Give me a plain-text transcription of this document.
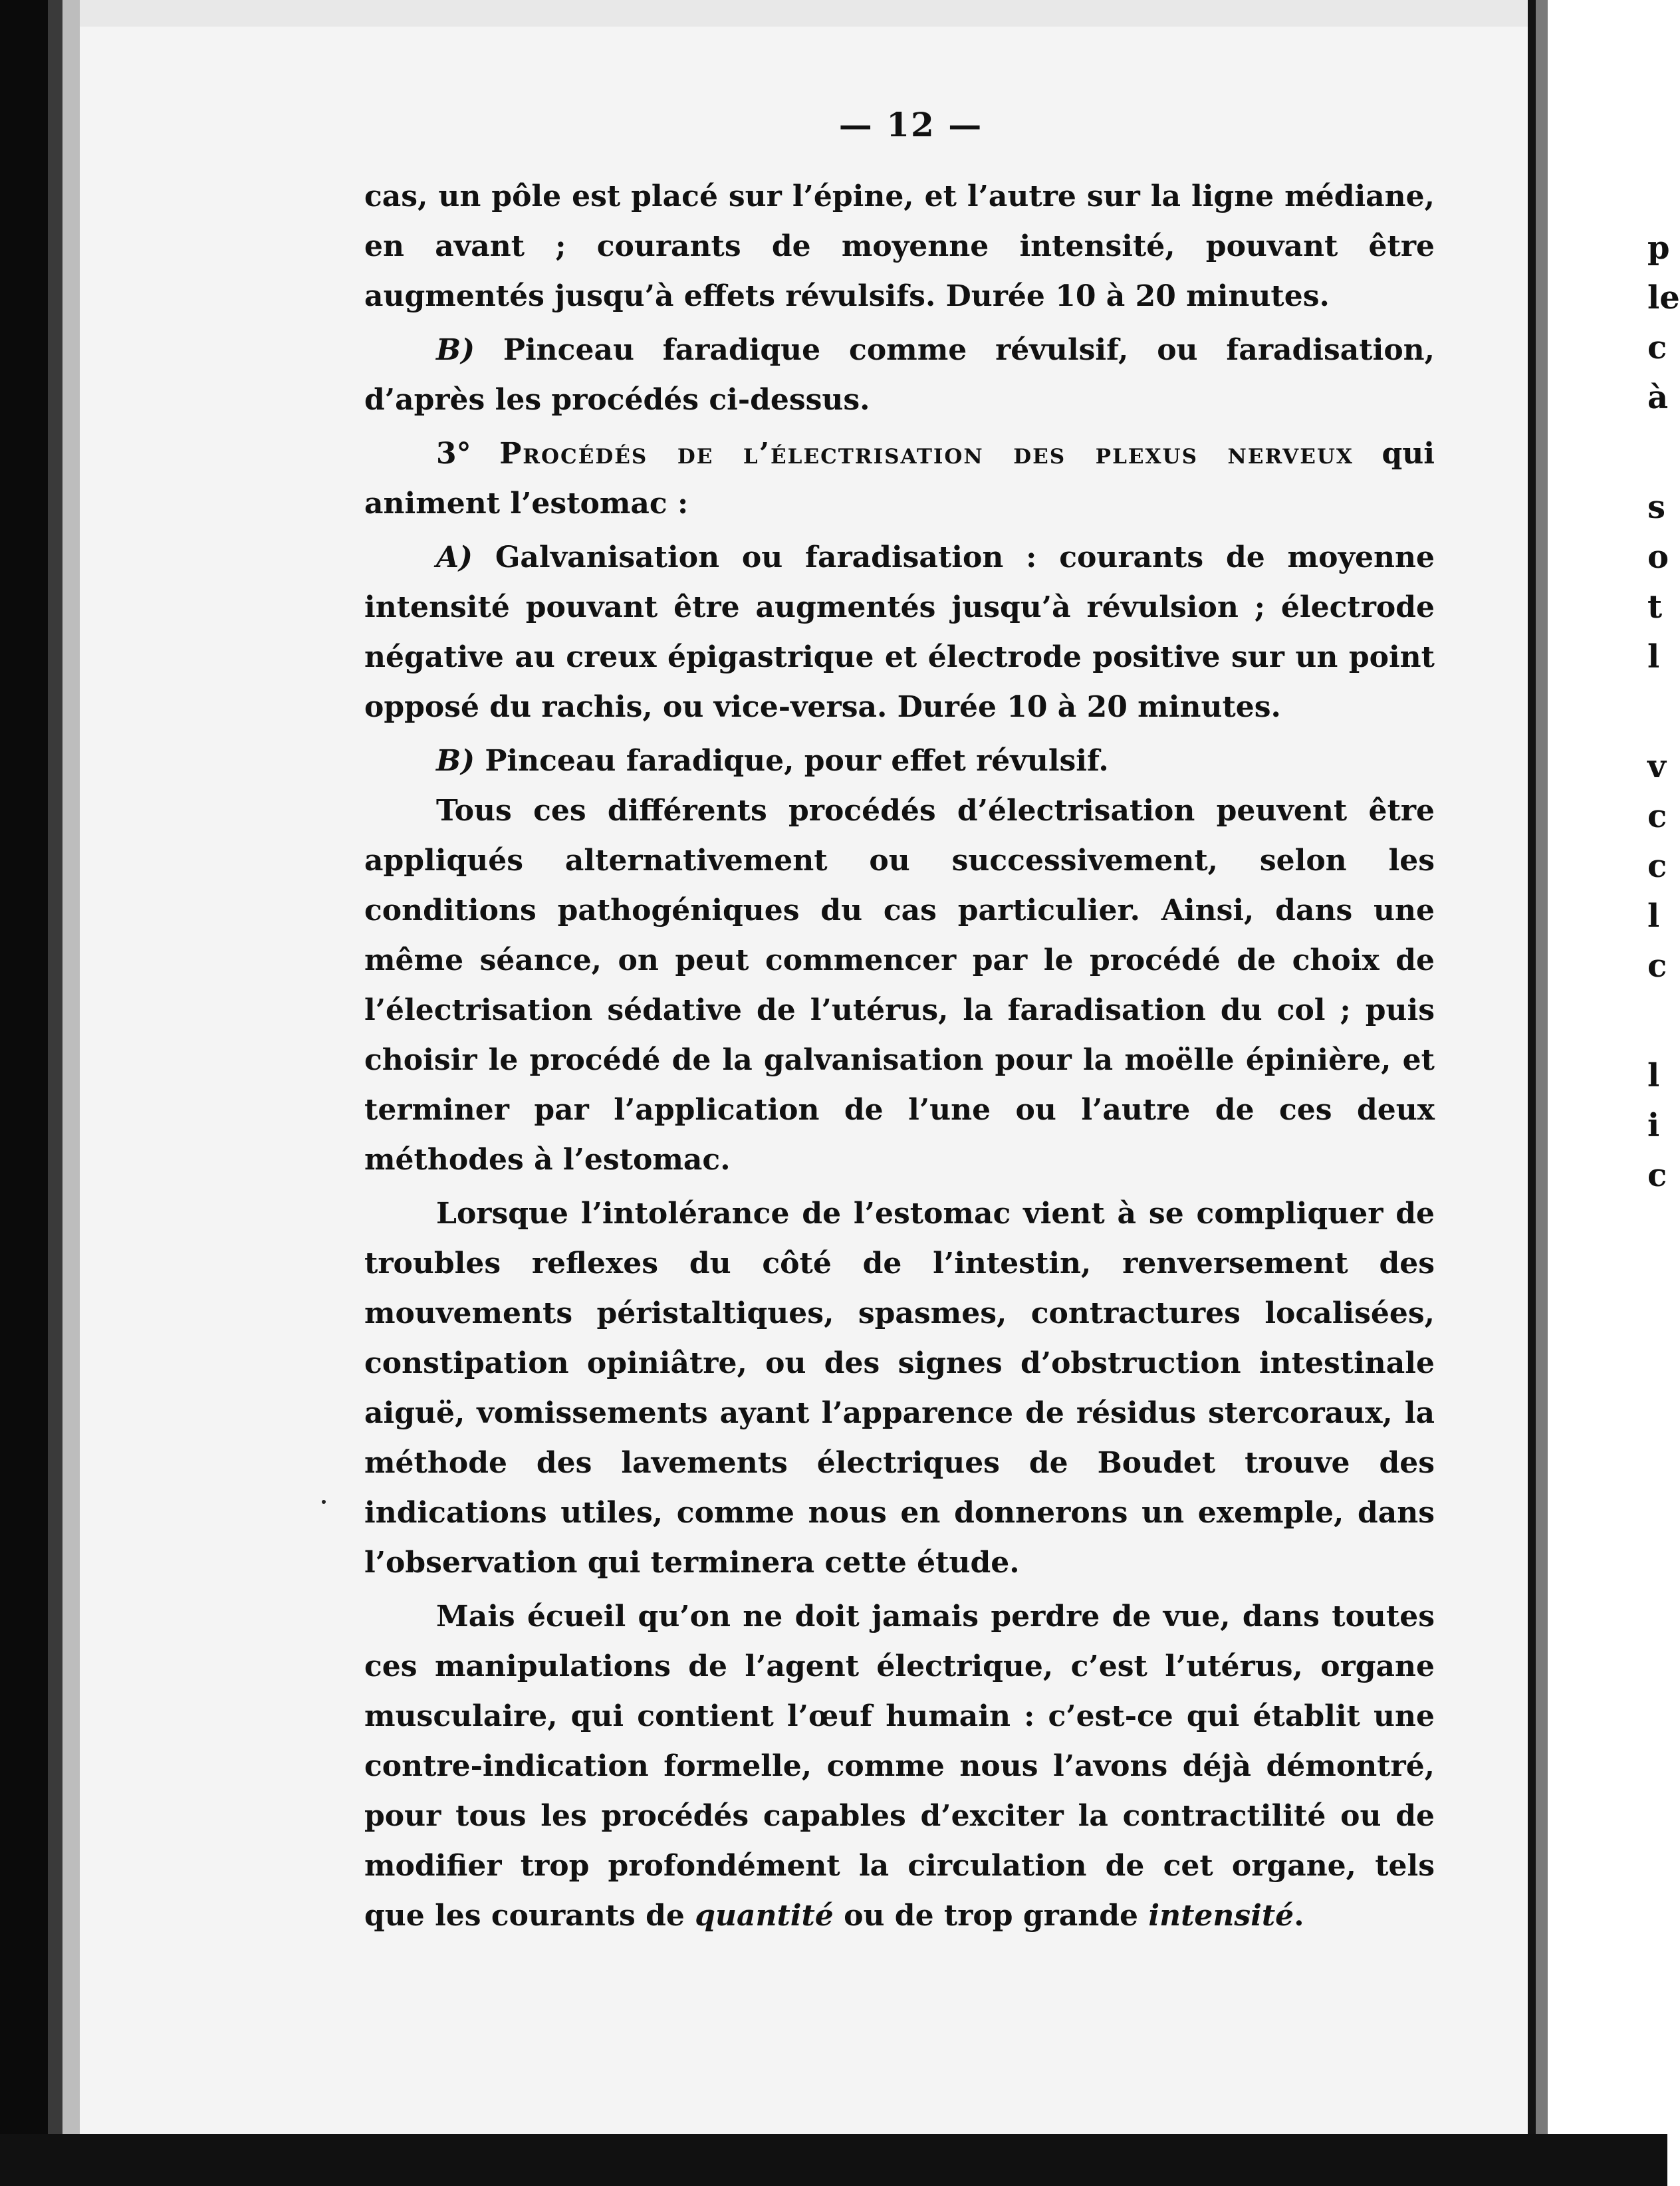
— 12 —

cas, un pôle est placé sur l’épine, et l’autre sur la ligne médiane, en avant ; courants de moyenne intensité, pouvant être augmentés jusqu’à effets révulsifs. Durée 10 à 20 minutes.

B) Pinceau faradique comme révulsif, ou faradisation, d’après les procédés ci-dessus.

3° Procédés de l’électrisation des plexus nerveux qui animent l’estomac :

A) Galvanisation ou faradisation : courants de moyenne intensité pouvant être augmentés jusqu’à révulsion ; électrode négative au creux épigastrique et électrode positive sur un point opposé du rachis, ou vice-versa. Durée 10 à 20 minutes.

B) Pinceau faradique, pour effet révulsif.

Tous ces différents procédés d’électrisation peuvent être appliqués alternativement ou successivement, selon les conditions pathogéniques du cas particulier. Ainsi, dans une même séance, on peut commencer par le procédé de choix de l’électrisation sédative de l’utérus, la faradisation du col ; puis choisir le procédé de la galvanisation pour la moëlle épinière, et terminer par l’application de l’une ou l’autre de ces deux méthodes à l’estomac.

Lorsque l’intolérance de l’estomac vient à se compliquer de troubles reflexes du côté de l’intestin, renversement des mouvements péristaltiques, spasmes, contractures localisées, constipation opiniâtre, ou des signes d’obstruction intestinale aiguë, vomissements ayant l’apparence de résidus stercoraux, la méthode des lavements électriques de Boudet trouve des indications utiles, comme nous en donnerons un exemple, dans l’observation qui terminera cette étude.

Mais écueil qu’on ne doit jamais perdre de vue, dans toutes ces manipulations de l’agent électrique, c’est l’utérus, organe musculaire, qui contient l’œuf humain : c’est-ce qui établit une contre-indication formelle, comme nous l’avons déjà démontré, pour tous les procédés capables d’exciter la contractilité ou de modifier trop profondément la circulation de cet organe, tels que les courants de quantité ou de trop grande intensité.

p
le
c
à
s
o
t
l
v
c
c
l
c
l
i
c
